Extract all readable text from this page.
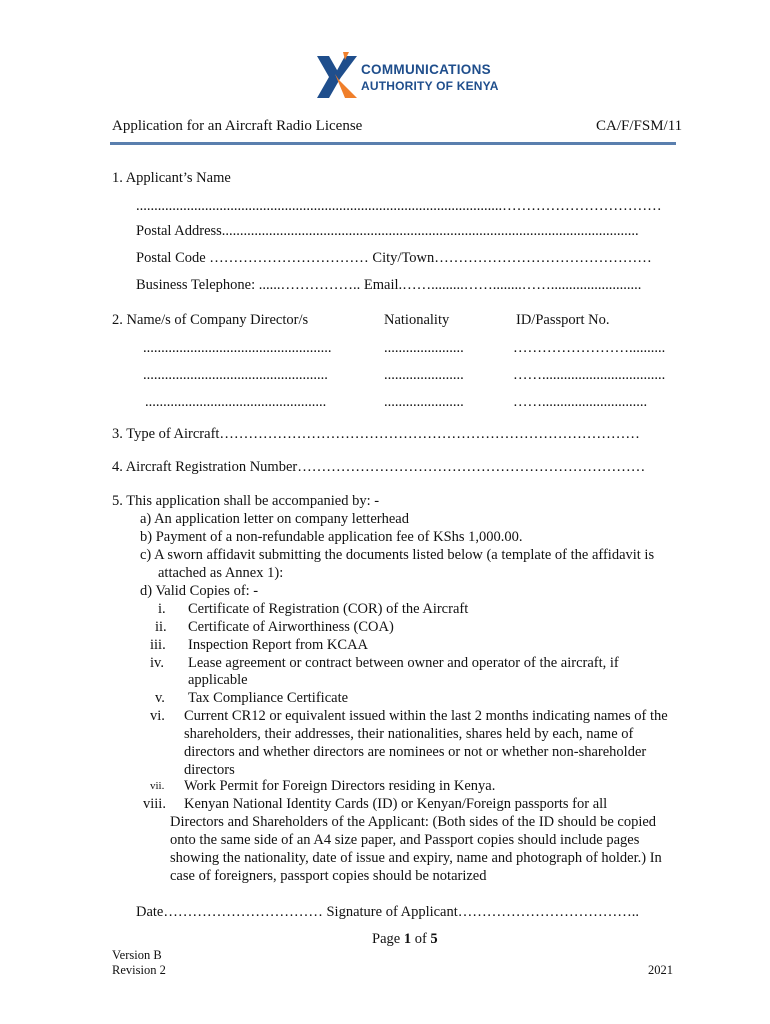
COMMUNICATIONS
AUTHORITY OF KENYA
Application for an Aircraft Radio License	CA/F/FSM/11
1. Applicant’s Name
.....................................................................................................……………………………
Postal Address...................................................................................................................
Postal Code …………………………… City/Town………………………………………
Business Telephone: ......…………….. Email.…….........……........…….........................
2. Name/s of Company Director/s	Nationality	ID/Passport No.
....................................................	......................	……………………..........
...................................................	......................	……..................................
..................................................	......................	…….............................
3. Type of Aircraft……………………………………………………………………………
4. Aircraft Registration Number………………………………………………………………
5. This application shall be accompanied by: -
a) An application letter on company letterhead
b) Payment of a non-refundable application fee of KShs 1,000.00.
c) A sworn affidavit submitting the documents listed below (a template of the affidavit is
attached as Annex 1):
d) Valid Copies of: -
i. Certificate of Registration (COR) of the Aircraft
ii. Certificate of Airworthiness (COA)
iii. Inspection Report from KCAA
iv. Lease agreement or contract between owner and operator of the aircraft, if
applicable
v. Tax Compliance Certificate
vi. Current CR12 or equivalent issued within the last 2 months indicating names of the
shareholders, their addresses, their nationalities, shares held by each, name of
directors and whether directors are nominees or not or whether non-shareholder
directors
vii. Work Permit for Foreign Directors residing in Kenya.
viii. Kenyan National Identity Cards (ID) or Kenyan/Foreign passports for all
Directors and Shareholders of the Applicant: (Both sides of the ID should be copied
onto the same side of an A4 size paper, and Passport copies should include pages
showing the nationality, date of issue and expiry, name and photograph of holder.) In
case of foreigners, passport copies should be notarized
Date…………………………… Signature of Applicant………………………………..
Page 1 of 5
Version B
Revision 2	2021
